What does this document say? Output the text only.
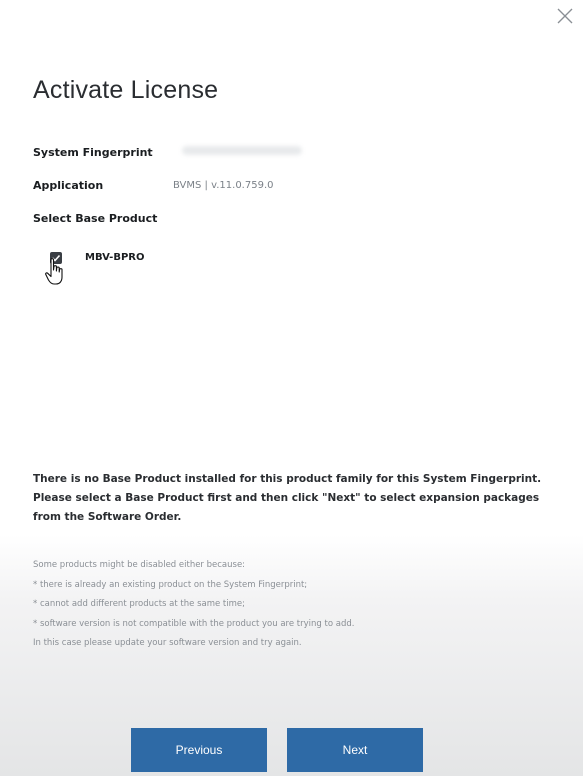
Activate License
System Fingerprint
Application	BVMS | v.11.0.759.0
Select Base Product
MBV-BPRO
There is no Base Product installed for this product family for this System Fingerprint.
Please select a Base Product first and then click "Next" to select expansion packages
from the Software Order.
Some products might be disabled either because:
* there is already an existing product on the System Fingerprint;
* cannot add different products at the same time;
* software version is not compatible with the product you are trying to add.
In this case please update your software version and try again.
Previous	Next
